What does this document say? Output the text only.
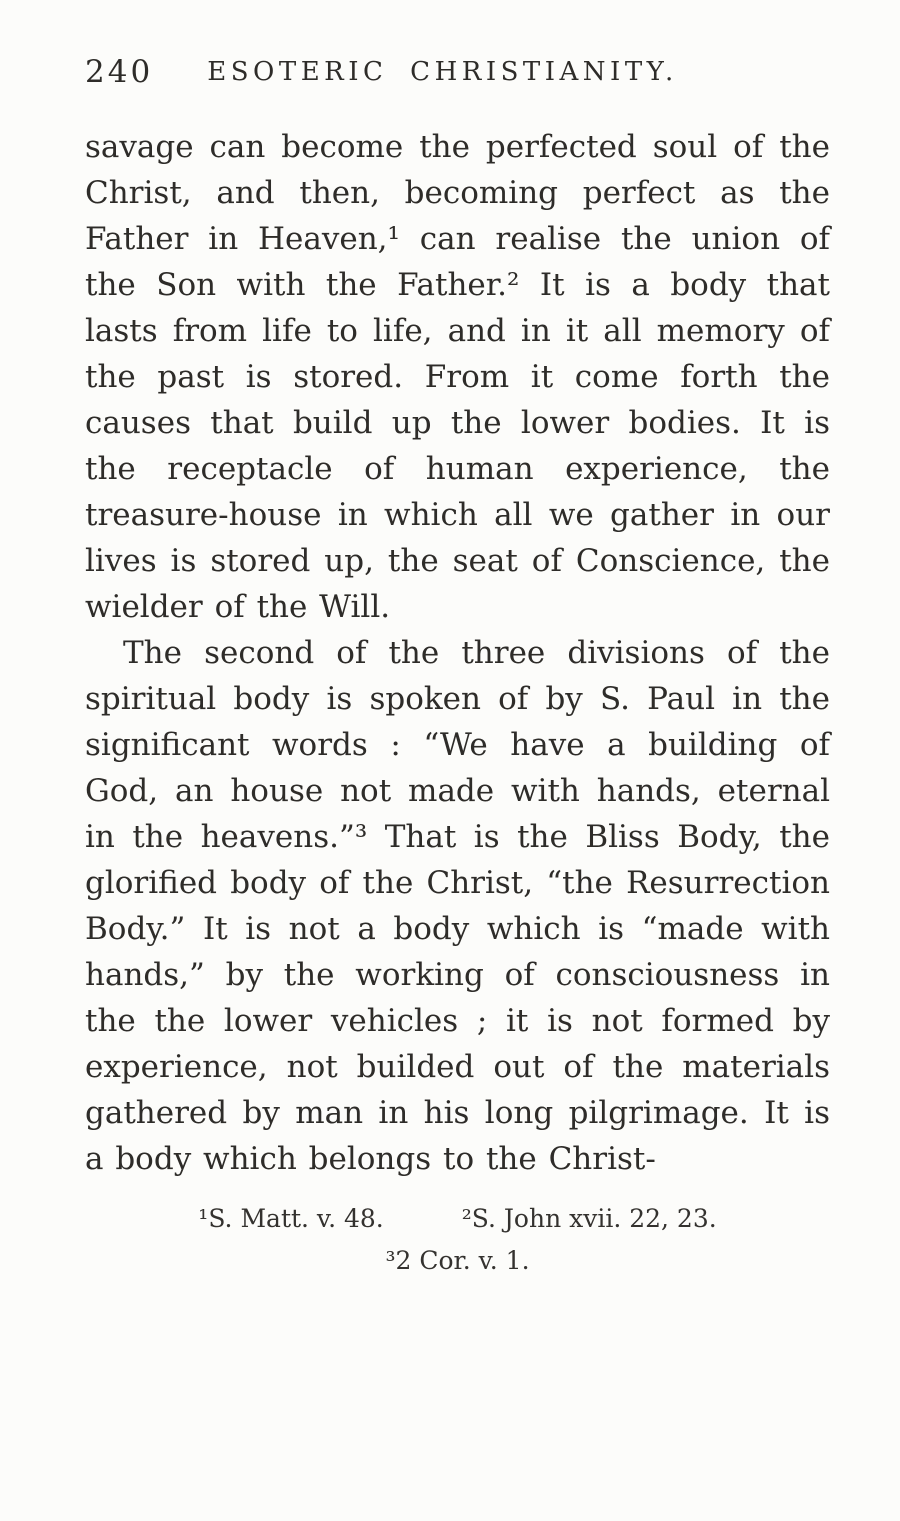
240	ESOTERIC CHRISTIANITY.

savage can become the perfected soul of the Christ, and then, becoming perfect as the Father in Heaven,¹ can realise the union of the Son with the Father.² It is a body that lasts from life to life, and in it all memory of the past is stored. From it come forth the causes that build up the lower bodies. It is the receptacle of human experience, the treasure-house in which all we gather in our lives is stored up, the seat of Conscience, the wielder of the Will.

The second of the three divisions of the spiritual body is spoken of by S. Paul in the significant words : “We have a building of God, an house not made with hands, eternal in the heavens.”³ That is the Bliss Body, the glorified body of the Christ, “the Resurrection Body.” It is not a body which is “made with hands,” by the working of consciousness in the the lower vehicles ; it is not formed by experience, not builded out of the materials gathered by man in his long pilgrimage. It is a body which belongs to the Christ-

¹S. Matt. v. 48.	²S. John xvii. 22, 23.
³2 Cor. v. 1.
